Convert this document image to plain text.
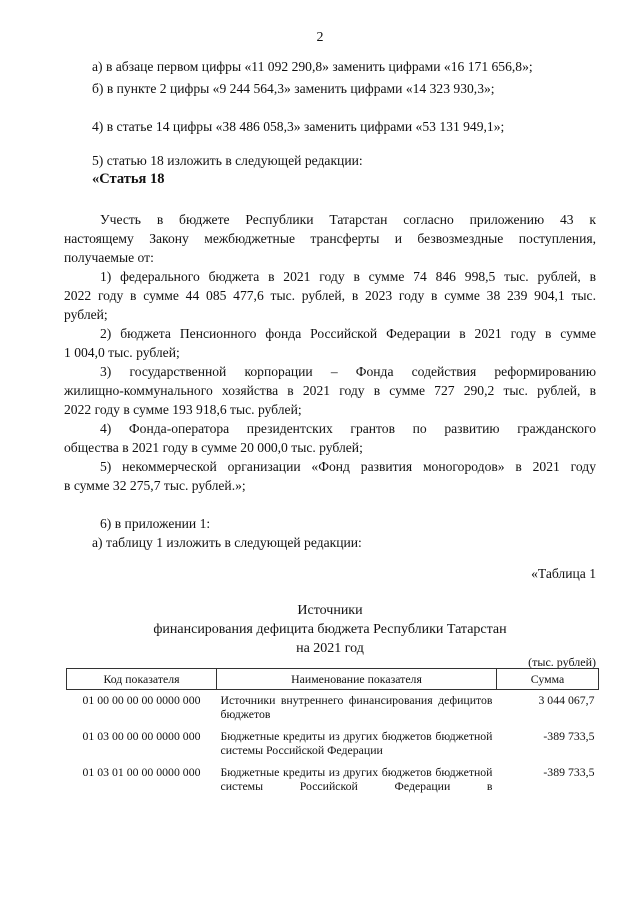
2
а) в абзаце первом цифры «11 092 290,8» заменить цифрами «16 171 656,8»;
б) в пункте 2 цифры «9 244 564,3» заменить цифрами «14 323 930,3»;
4) в статье 14 цифры «38 486 058,3» заменить цифрами «53 131 949,1»;
5) статью 18 изложить в следующей редакции:
«Статья 18
Учесть в бюджете Республики Татарстан согласно приложению 43 к
настоящему Закону межбюджетные трансферты и безвозмездные поступления,
получаемые от:
1) федерального бюджета в 2021 году в сумме 74 846 998,5 тыс. рублей, в
2022 году в сумме 44 085 477,6 тыс. рублей, в 2023 году в сумме 38 239 904,1 тыс.
рублей;
2) бюджета Пенсионного фонда Российской Федерации в 2021 году в сумме
1 004,0 тыс. рублей;
3) государственной корпорации – Фонда содействия реформированию
жилищно-коммунального хозяйства в 2021 году в сумме 727 290,2 тыс. рублей, в
2022 году в сумме 193 918,6 тыс. рублей;
4) Фонда-оператора президентских грантов по развитию гражданского
общества в 2021 году в сумме 20 000,0 тыс. рублей;
5) некоммерческой организации «Фонд развития моногородов» в 2021 году
в сумме 32 275,7 тыс. рублей.»;
6) в приложении 1:
а) таблицу 1 изложить в следующей редакции:
«Таблица 1
Источники
финансирования дефицита бюджета Республики Татарстан
на 2021 год
(тыс. рублей)
Код показателя	Наименование показателя	Сумма
01 00 00 00 00 0000 000	Источники внутреннего финансирования дефицитов бюджетов	3 044 067,7
01 03 00 00 00 0000 000	Бюджетные кредиты из других бюджетов бюджетной системы Российской Федерации	-389 733,5
01 03 01 00 00 0000 000	Бюджетные кредиты из других бюджетов бюджетной системы Российской Федерации в	-389 733,5
